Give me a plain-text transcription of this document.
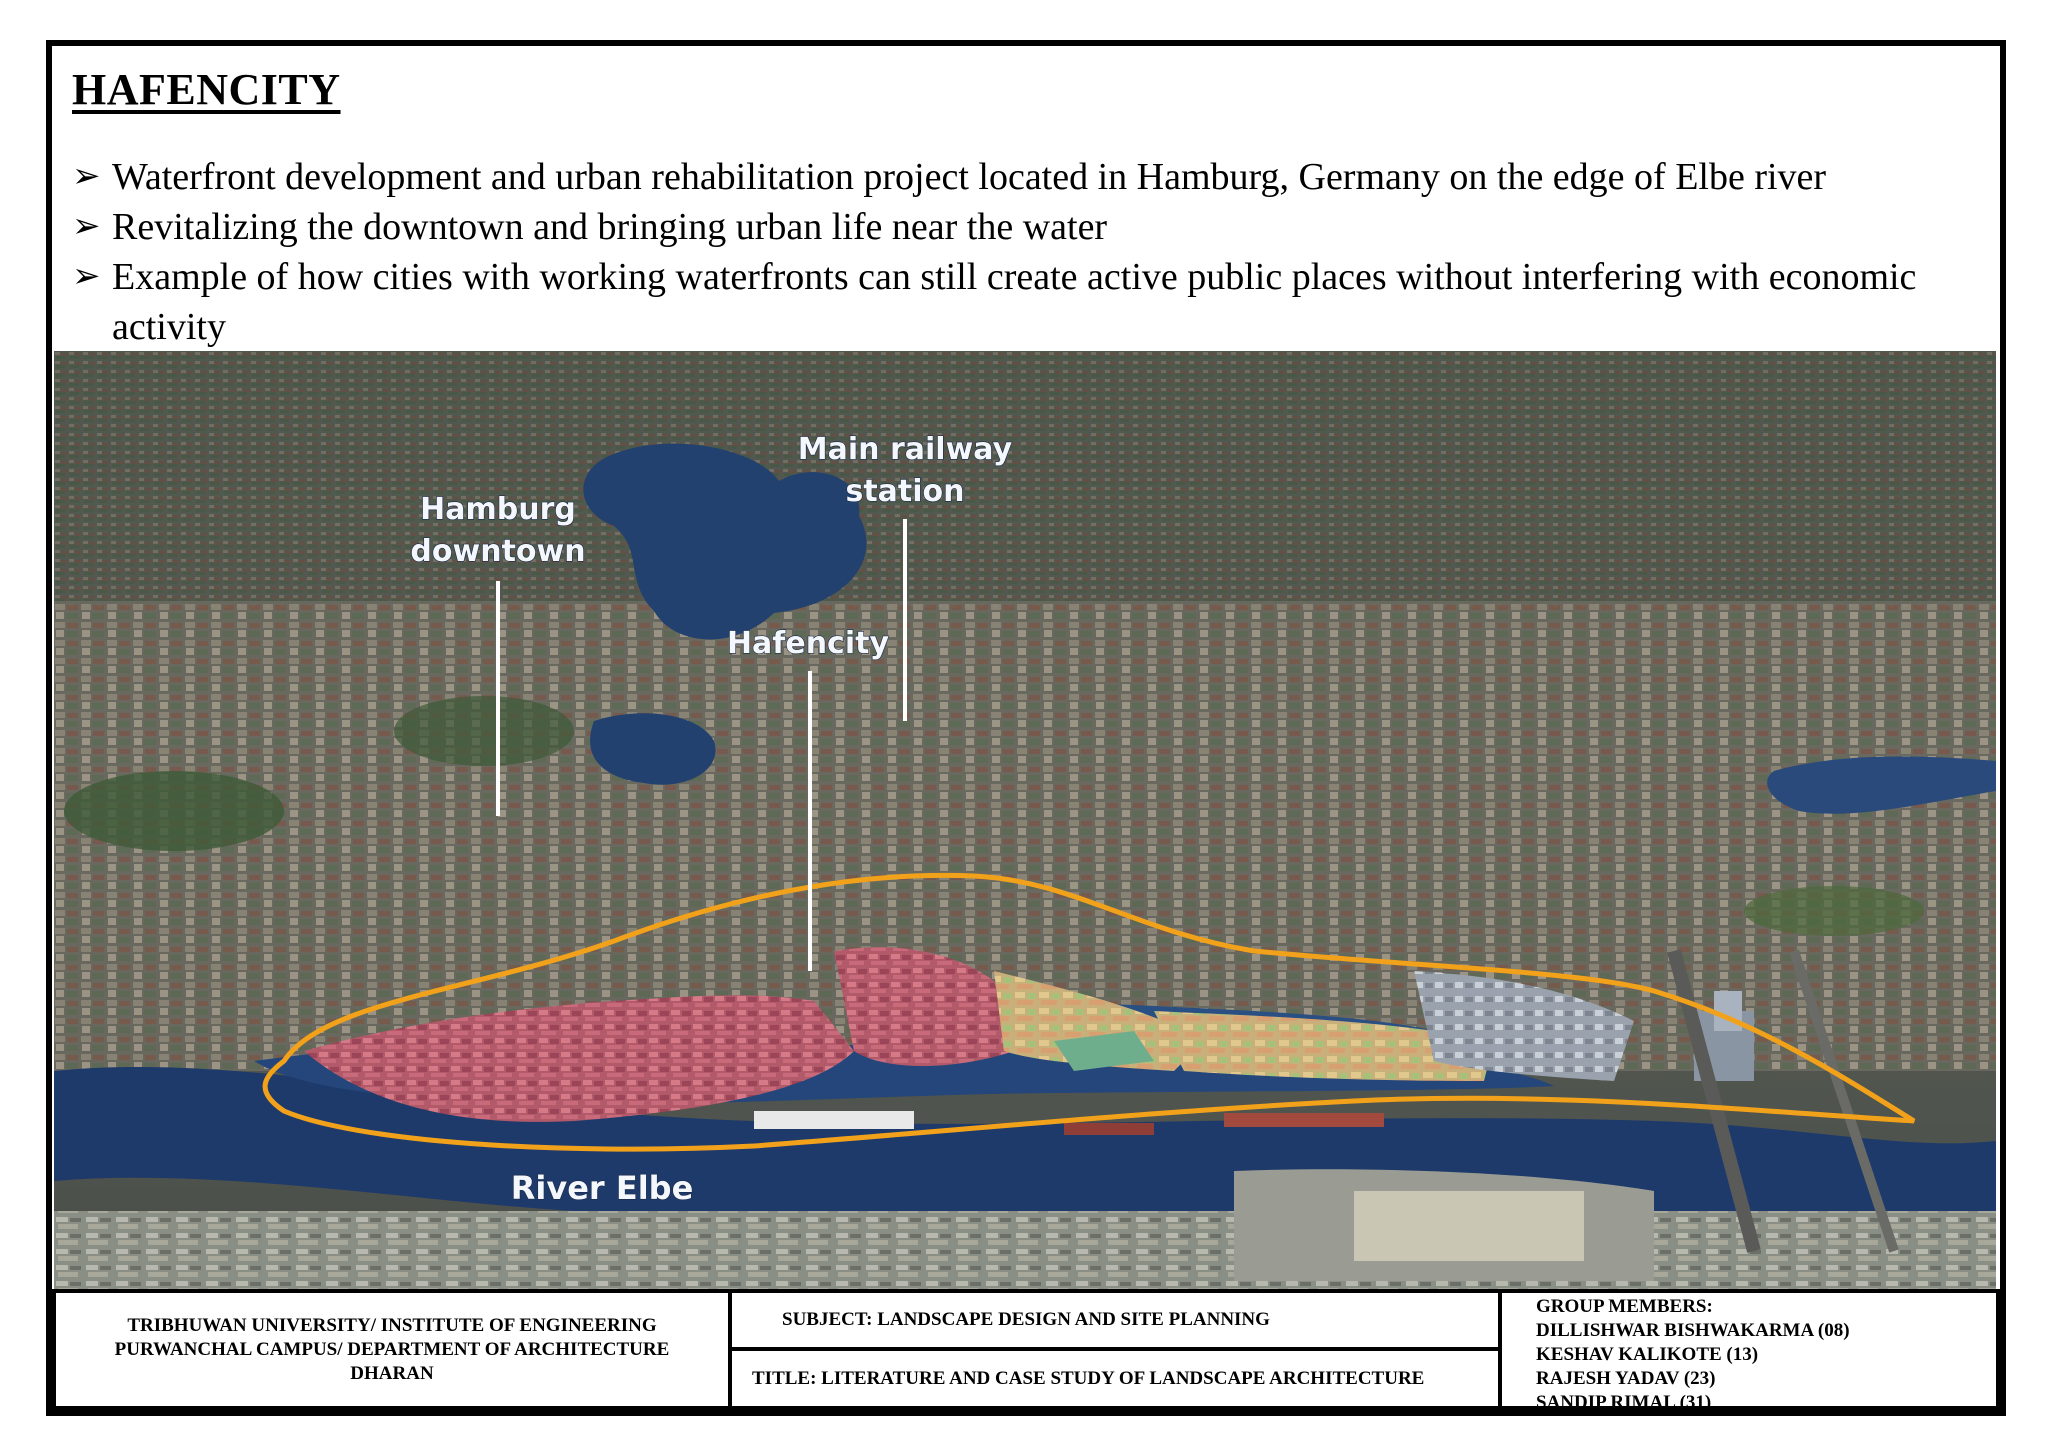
HAFENCITY
➢ Waterfront development and urban rehabilitation project located in Hamburg, Germany on the edge of Elbe river
➢ Revitalizing the downtown and bringing urban life near the water
➢ Example of how cities with working waterfronts can still create active public places without interfering with economic activity
Main railway
station
Hamburg
downtown
Hafencity
River Elbe
TRIBHUWAN UNIVERSITY/ INSTITUTE OF ENGINEERING
PURWANCHAL CAMPUS/ DEPARTMENT OF ARCHITECTURE
DHARAN
SUBJECT: LANDSCAPE DESIGN AND SITE PLANNING
TITLE: LITERATURE AND CASE STUDY OF LANDSCAPE ARCHITECTURE
GROUP MEMBERS:
DILLISHWAR BISHWAKARMA (08)
KESHAV KALIKOTE (13)
RAJESH YADAV (23)
SANDIP RIMAL (31)
